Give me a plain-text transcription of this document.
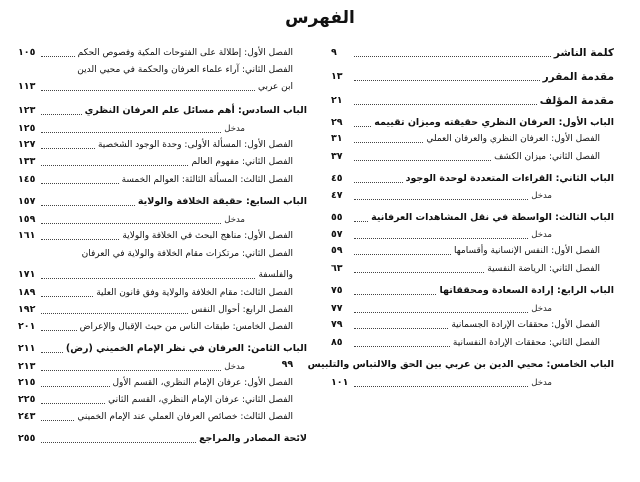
الفهرس
كلمة الناشر
٩
مقدمة المقرر
١٣
مقدمة المؤلف
٢١
الباب الأول: العرفان النظري حقيقته وميزان تقييمه
٢٩
الفصل الأول: العرفان النظري والعرفان العملي
٣١
الفصل الثاني: ميزان الكشف
٣٧
الباب الثاني: القراءات المتعددة لوحدة الوجود
٤٥
مدخل
٤٧
الباب الثالث: الواسطة في نقل المشاهدات العرفانية
٥٥
مدخل
٥٧
الفصل الأول: النفس الإنسانية وأقسامها
٥٩
الفصل الثاني: الرياضة النفسية
٦٣
الباب الرابع: إرادة السعادة ومحققاتها
٧٥
مدخل
٧٧
الفصل الأول: محققات الإرادة الجسمانية
٧٩
الفصل الثاني: محققات الإرادة النفسانية
٨٥
الباب الخامس: محيي الدين بن عربي بين الحق والالتباس والتلبيس
٩٩
مدخل
١٠١
الفصل الأول: إطلالة على الفتوحات المكية وفصوص الحكم
١٠٥
الفصل الثاني: آراء علماء العرفان والحكمة في محيي الدين
ابن عربي
١١٣
الباب السادس: أهم مسائل علم العرفان النظري
١٢٣
مدخل
١٢٥
الفصل الأول: المسألة الأولى: وحدة الوجود الشخصية
١٢٧
الفصل الثاني: مفهوم العالم
١٣٣
الفصل الثالث: المسألة الثالثة: العوالم الخمسة
١٤٥
الباب السابع: حقيقة الخلافة والولاية
١٥٧
مدخل
١٥٩
الفصل الأول: مناهج البحث في الخلافة والولاية
١٦١
الفصل الثاني: مرتكزات مقام الخلافة والولاية في العرفان
والفلسفة
١٧١
الفصل الثالث: مقام الخلافة والولاية وفق قانون العلية
١٨٩
الفصل الرابع: أحوال النفس
١٩٢
الفصل الخامس: طبقات الناس من حيث الإقبال والإعراض
٢٠١
الباب الثامن: العرفان في نظر الإمام الخميني (رض)
٢١١
مدخل
٢١٣
الفصل الأول: عرفان الإمام النظري، القسم الأول
٢١٥
الفصل الثاني: عرفان الإمام النظري، القسم الثاني
٢٢٥
الفصل الثالث: خصائص العرفان العملي عند الإمام الخميني
٢٤٣
لائحة المصادر والمراجع
٢٥٥
